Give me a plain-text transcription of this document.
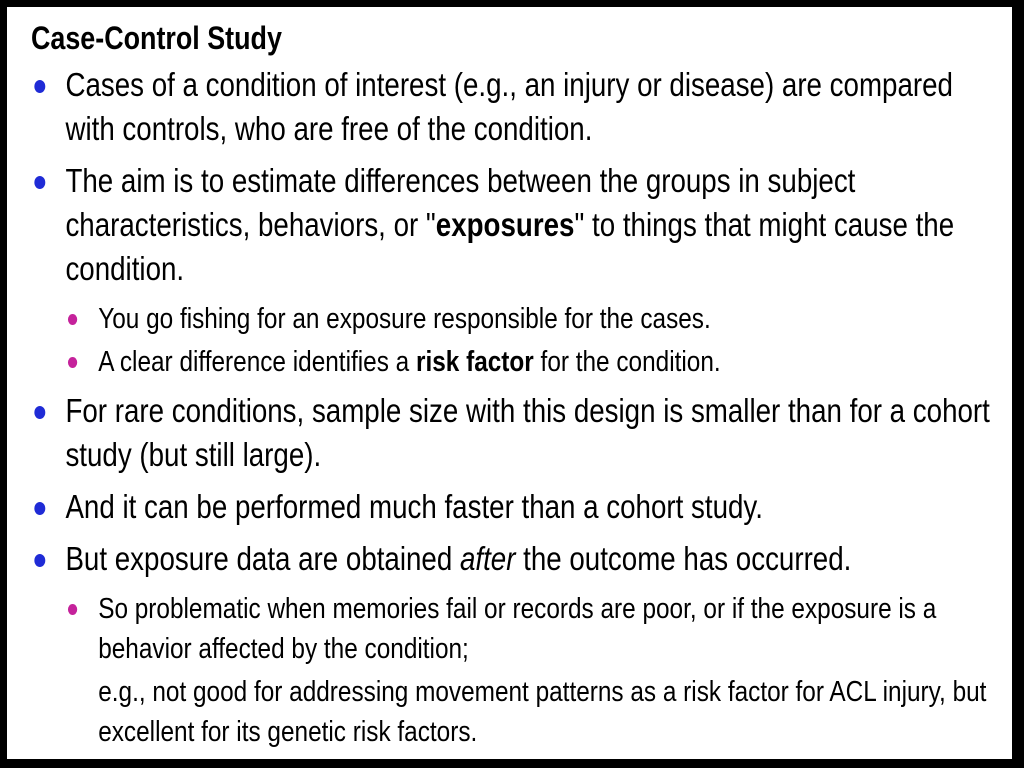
Case-Control Study
Cases of a condition of interest (e.g., an injury or disease) are compared with controls, who are free of the condition.
The aim is to estimate differences between the groups in subject characteristics, behaviors, or "exposures" to things that might cause the condition.
You go fishing for an exposure responsible for the cases.
A clear difference identifies a risk factor for the condition.
For rare conditions, sample size with this design is smaller than for a cohort study (but still large).
And it can be performed much faster than a cohort study.
But exposure data are obtained after the outcome has occurred.
So problematic when memories fail or records are poor, or if the exposure is a behavior affected by the condition;
e.g., not good for addressing movement patterns as a risk factor for ACL injury, but excellent for its genetic risk factors.
